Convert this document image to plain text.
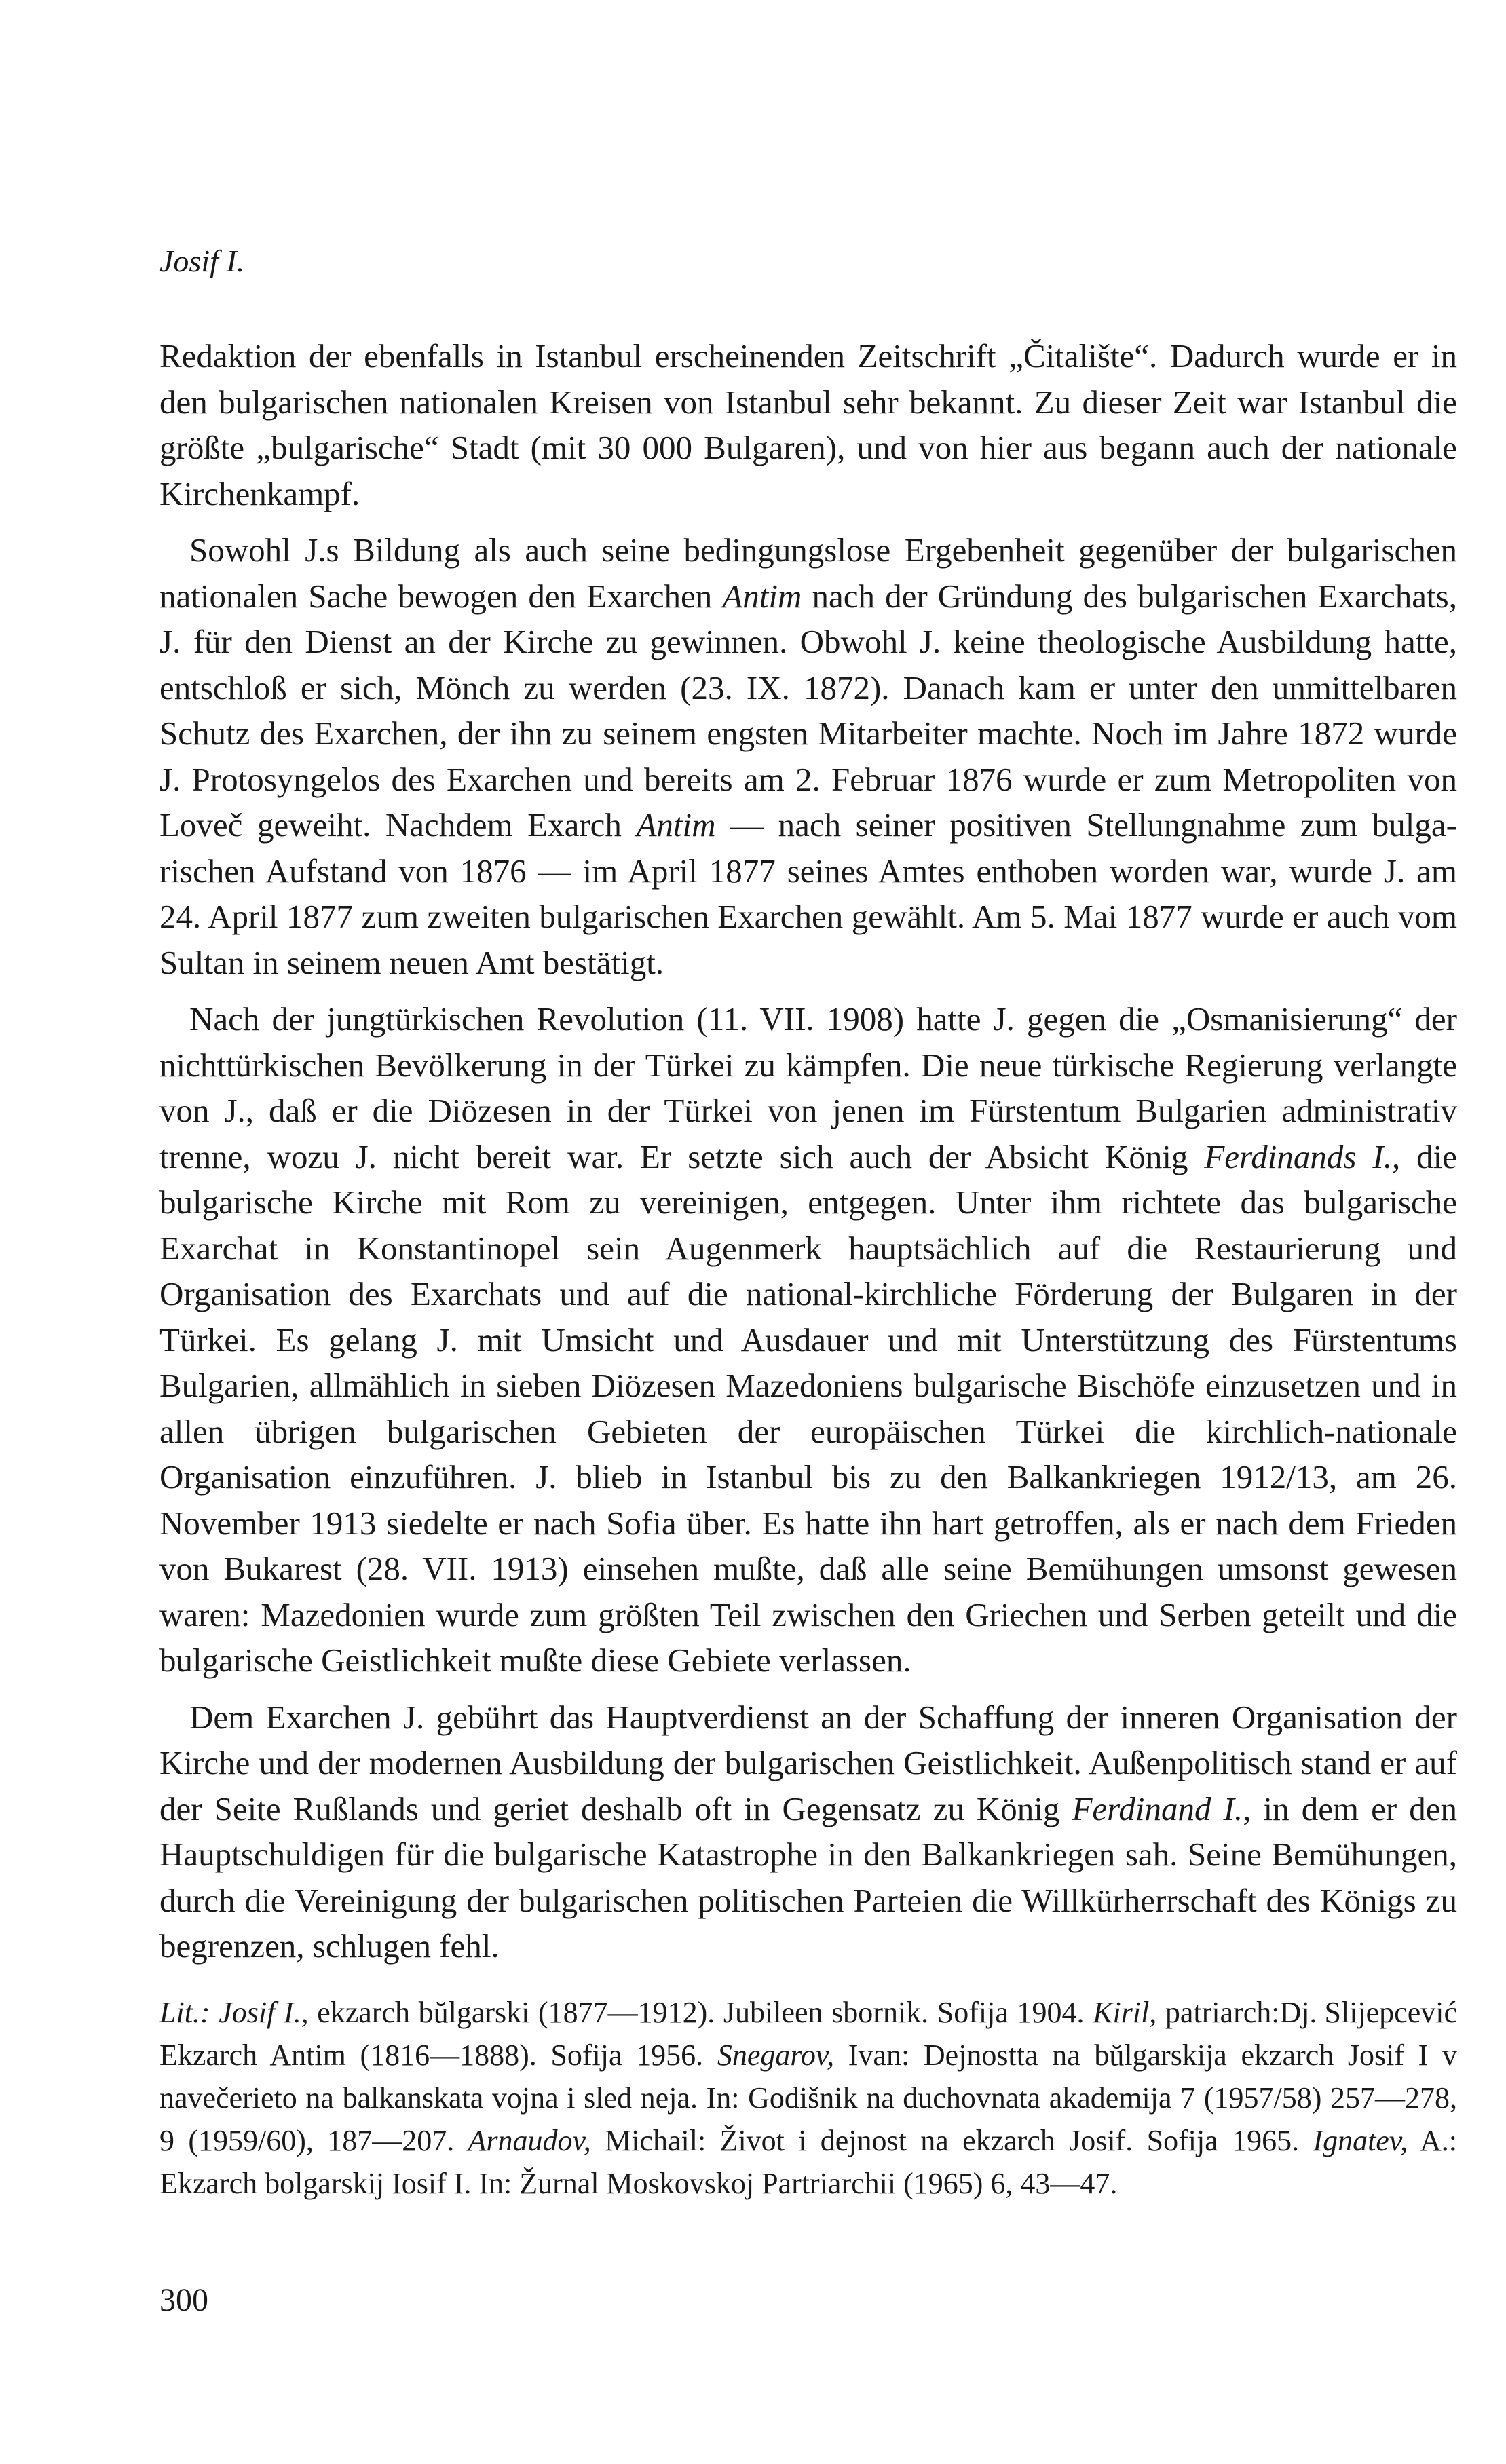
Josif I.

Redaktion der ebenfalls in Istanbul erscheinenden Zeitschrift „Čitalište“. Dadurch wurde er in den bulgarischen nationalen Kreisen von Istanbul sehr bekannt. Zu dieser Zeit war Istanbul die größte „bulgarische“ Stadt (mit 30 000 Bulgaren), und von hier aus begann auch der nationale Kirchenkampf.

Sowohl J.s Bildung als auch seine bedingungslose Ergebenheit gegenüber der bulgarischen nationalen Sache bewogen den Exarchen Antim nach der Gründung des bulgarischen Exarchats, J. für den Dienst an der Kirche zu gewinnen. Obwohl J. keine theologische Ausbildung hatte, entschloß er sich, Mönch zu werden (23. IX. 1872). Danach kam er unter den unmittelbaren Schutz des Exarchen, der ihn zu seinem engsten Mitarbeiter machte. Noch im Jahre 1872 wurde J. Protosyngelos des Exarchen und bereits am 2. Februar 1876 wurde er zum Metropoliten von Loveč geweiht. Nachdem Exarch Antim — nach seiner positiven Stellungnahme zum bulgarischen Aufstand von 1876 — im April 1877 seines Amtes enthoben worden war, wurde J. am 24. April 1877 zum zweiten bulgarischen Exarchen gewählt. Am 5. Mai 1877 wurde er auch vom Sultan in seinem neuen Amt bestätigt.

Nach der jungtürkischen Revolution (11. VII. 1908) hatte J. gegen die „Osmanisierung“ der nichttürkischen Bevölkerung in der Türkei zu kämpfen. Die neue türkische Regierung verlangte von J., daß er die Diözesen in der Türkei von jenen im Fürstentum Bulgarien administrativ trenne, wozu J. nicht bereit war. Er setzte sich auch der Absicht König Ferdinands I., die bulgarische Kirche mit Rom zu vereinigen, entgegen. Unter ihm richtete das bulgarische Exarchat in Konstantinopel sein Augenmerk hauptsächlich auf die Restaurierung und Organisation des Exarchats und auf die national-kirchliche Förderung der Bulgaren in der Türkei. Es gelang J. mit Umsicht und Ausdauer und mit Unterstützung des Fürstentums Bulgarien, allmählich in sieben Diözesen Mazedoniens bulgarische Bischöfe einzusetzen und in allen übrigen bulgarischen Gebieten der europäischen Türkei die kirchlich-nationale Organisation einzuführen. J. blieb in Istanbul bis zu den Balkankriegen 1912/13, am 26. November 1913 siedelte er nach Sofia über. Es hatte ihn hart getroffen, als er nach dem Frieden von Bukarest (28. VII. 1913) einsehen mußte, daß alle seine Bemühungen umsonst gewesen waren: Mazedonien wurde zum größten Teil zwischen den Griechen und Serben geteilt und die bulgarische Geistlichkeit mußte diese Gebiete verlassen.

Dem Exarchen J. gebührt das Hauptverdienst an der Schaffung der inneren Organisation der Kirche und der modernen Ausbildung der bulgarischen Geistlichkeit. Außenpolitisch stand er auf der Seite Rußlands und geriet deshalb oft in Gegensatz zu König Ferdinand I., in dem er den Hauptschuldigen für die bulgarische Katastrophe in den Balkankriegen sah. Seine Bemühungen, durch die Vereinigung der bulgarischen politischen Parteien die Willkürherrschaft des Königs zu begrenzen, schlugen fehl.

Dj. Slijepcević
Lit.: Josif I., ekzarch bŭlgarski (1877—1912). Jubileen sbornik. Sofija 1904. Kiril, patriarch: Ekzarch Antim (1816—1888). Sofija 1956. Snegarov, Ivan: Dejnostta na bŭlgarskija ekzarch Josif I v navečerieto na balkanskata vojna i sled neja. In: Godišnik na duchovnata akademija 7 (1957/58) 257—278, 9 (1959/60), 187—207. Arnaudov, Michail: Život i dejnost na ekzarch Josif. Sofija 1965. Ignatev, A.: Ekzarch bolgarskij Iosif I. In: Žurnal Moskovskoj Partriarchii (1965) 6, 43—47.
300
